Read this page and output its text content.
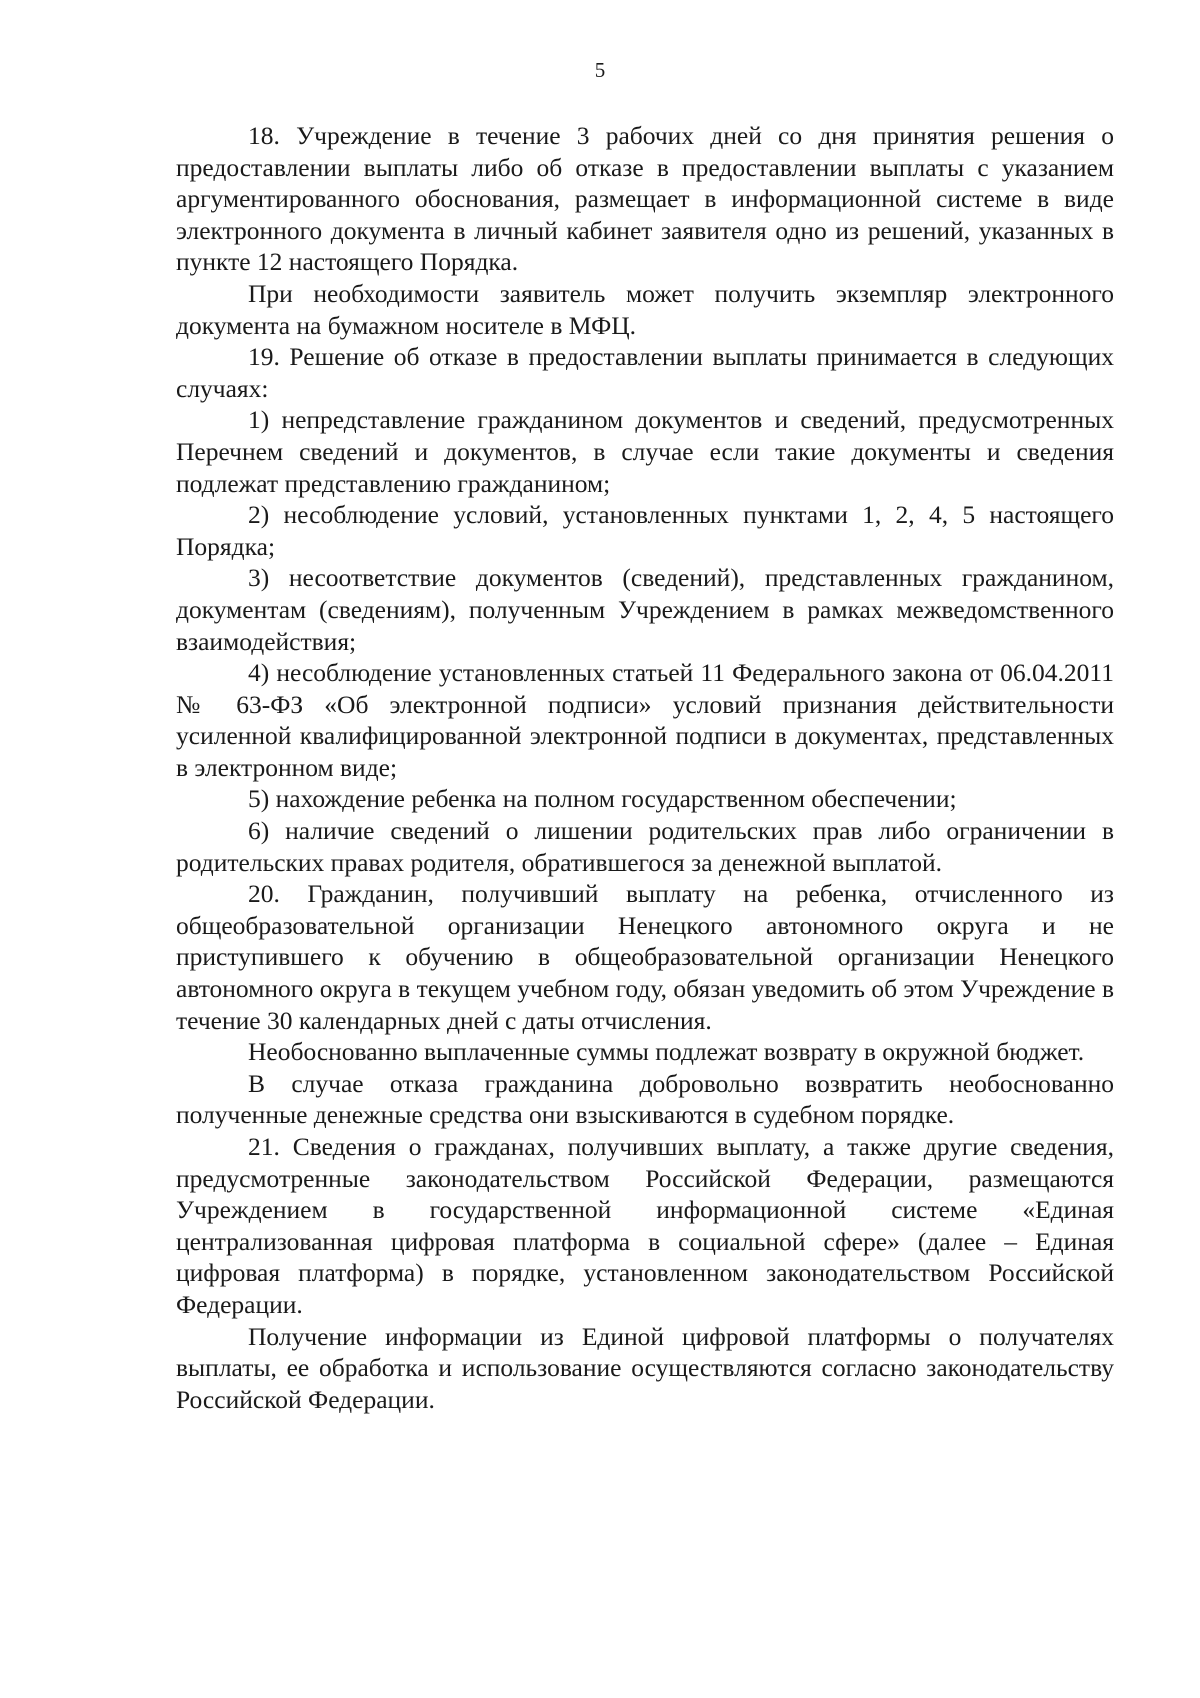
5

18. Учреждение в течение 3 рабочих дней со дня принятия решения о предоставлении выплаты либо об отказе в предоставлении выплаты с указанием аргументированного обоснования, размещает в информационной системе в виде электронного документа в личный кабинет заявителя одно из решений, указанных в пункте 12 настоящего Порядка.

При необходимости заявитель может получить экземпляр электронного документа на бумажном носителе в МФЦ.

19. Решение об отказе в предоставлении выплаты принимается в следующих случаях:

1) непредставление гражданином документов и сведений, предусмотренных Перечнем сведений и документов, в случае если такие документы и сведения подлежат представлению гражданином;

2) несоблюдение условий, установленных пунктами 1, 2, 4, 5 настоящего Порядка;

3) несоответствие документов (сведений), представленных гражданином, документам (сведениям), полученным Учреждением в рамках межведомственного взаимодействия;

4) несоблюдение установленных статьей 11 Федерального закона от 06.04.2011 № 63-ФЗ «Об электронной подписи» условий признания действительности усиленной квалифицированной электронной подписи в документах, представленных в электронном виде;

5) нахождение ребенка на полном государственном обеспечении;

6) наличие сведений о лишении родительских прав либо ограничении в родительских правах родителя, обратившегося за денежной выплатой.

20. Гражданин, получивший выплату на ребенка, отчисленного из общеобразовательной организации Ненецкого автономного округа и не приступившего к обучению в общеобразовательной организации Ненецкого автономного округа в текущем учебном году, обязан уведомить об этом Учреждение в течение 30 календарных дней с даты отчисления.

Необоснованно выплаченные суммы подлежат возврату в окружной бюджет.

В случае отказа гражданина добровольно возвратить необоснованно полученные денежные средства они взыскиваются в судебном порядке.

21. Сведения о гражданах, получивших выплату, а также другие сведения, предусмотренные законодательством Российской Федерации, размещаются Учреждением в государственной информационной системе «Единая централизованная цифровая платформа в социальной сфере» (далее – Единая цифровая платформа) в порядке, установленном законодательством Российской Федерации.

Получение информации из Единой цифровой платформы о получателях выплаты, ее обработка и использование осуществляются согласно законодательству Российской Федерации.
